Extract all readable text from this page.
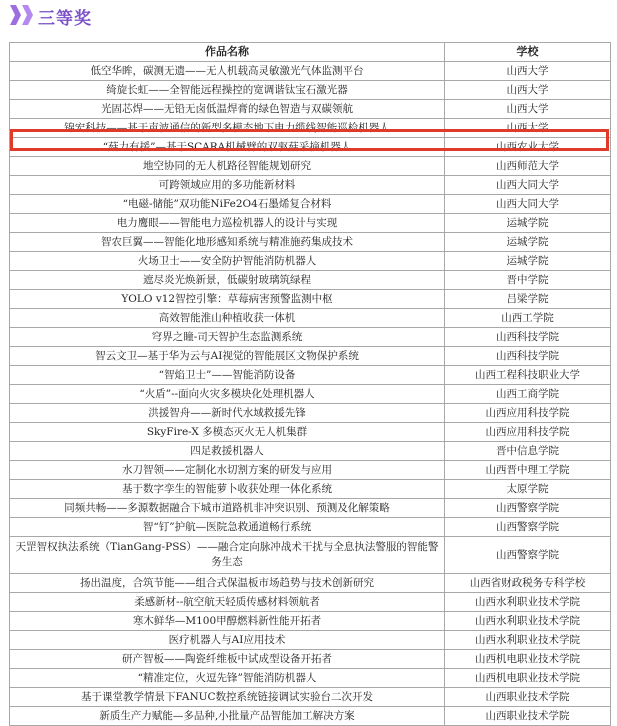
三等奖
作品名称	学校
低空华眸，碳测无遗——无人机载高灵敏激光气体监测平台	山西大学
绮旋长虹——全智能远程操控的宽调谐钛宝石激光器	山西大学
光固芯焊——无铅无卤低温焊膏的绿色智造与双碳领航	山西大学
锦宏科技——基于声波通信的新型多模态地下电力缆线智能巡检机器人	山西大学
“菇力有援”—基于SCARA机械臂的双驱菇采摘机器人	山西农业大学
地空协同的无人机路径智能规划研究	山西师范大学
可跨领域应用的多功能新材料	山西大同大学
“电磁-储能”双功能NiFe2O4石墨烯复合材料	山西大同大学
电力鹰眼——智能电力巡检机器人的设计与实现	运城学院
智农巨翼——智能化地形感知系统与精准施药集成技术	运城学院
火场卫士——安全防护智能消防机器人	运城学院
遮尽炎光焕新景，低碳射玻璃筑绿程	晋中学院
YOLO v12智控引擎：草莓病害预警监测中枢	吕梁学院
高效智能淮山种植收获一体机	山西工学院
穹界之瞳-司天智护生态监测系统	山西科技学院
智云文卫—基于华为云与AI视觉的智能展区文物保护系统	山西科技学院
“智焰卫士”——智能消防设备	山西工程科技职业大学
“火盾”--面向火灾多模块化处理机器人	山西工商学院
洪援智舟——新时代水域救援先锋	山西应用科技学院
SkyFire-X 多模态灭火无人机集群	山西应用科技学院
四足救援机器人	晋中信息学院
水刀智领——定制化水切割方案的研发与应用	山西晋中理工学院
基于数字孪生的智能萝卜收获处理一体化系统	太原学院
同频共畅——多源数据融合下城市道路机非冲突识别、预测及化解策略	山西警察学院
智“钉”护航—医院急救通道畅行系统	山西警察学院
天罡智权执法系统（TianGang-PSS）——融合定向脉冲战术干扰与全息执法警服的智能警务生态	山西警察学院
扬出温度，合筑节能——组合式保温板市场趋势与技术创新研究	山西省财政税务专科学校
柔感新材--航空航天轻质传感材料领航者	山西水利职业技术学院
寒木鲜华—M100甲醇燃料新性能开拓者	山西水利职业技术学院
医疗机器人与AI应用技术	山西水利职业技术学院
研产智板——陶瓷纤维板中试成型设备开拓者	山西机电职业技术学院
“精准定位，火逗先锋”智能消防机器人	山西机电职业技术学院
基于课堂教学情景下FANUC数控系统链接调试实验台二次开发	山西职业技术学院
新质生产力赋能—多品种,小批量产品智能加工解决方案	山西职业技术学院
